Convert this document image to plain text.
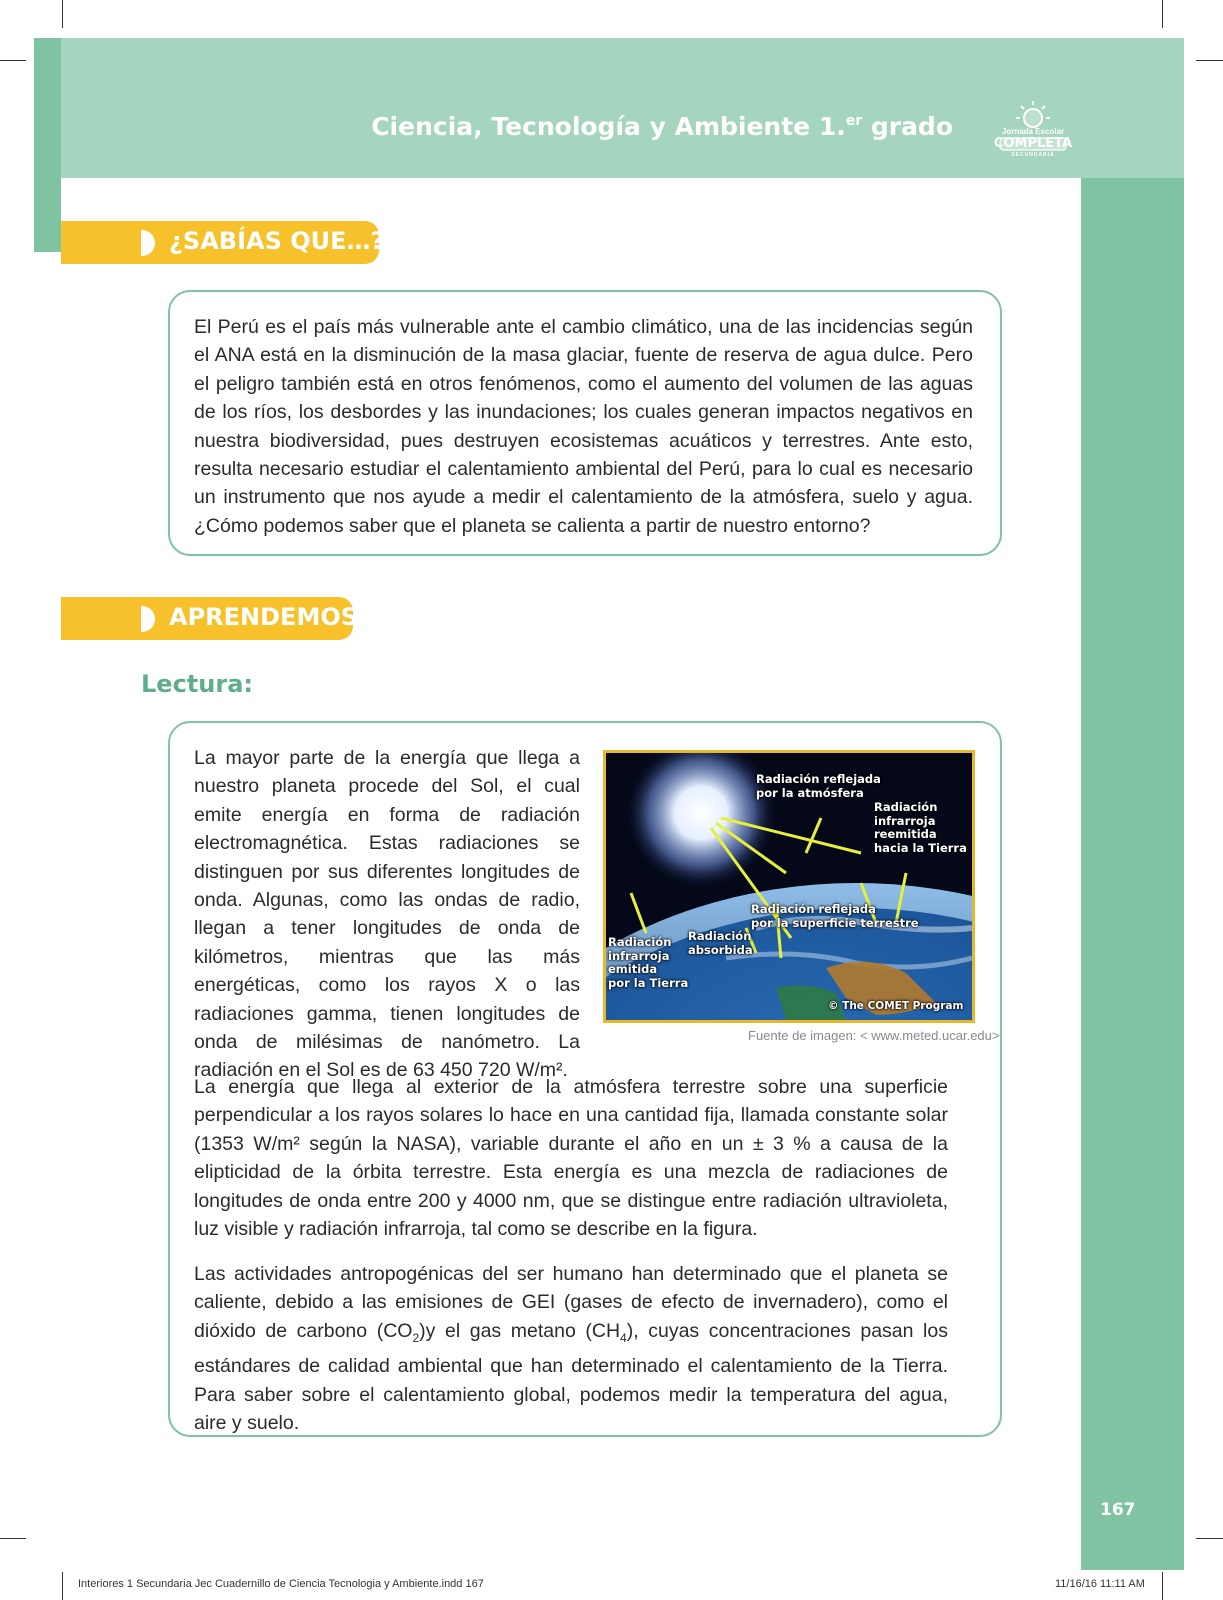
Ciencia, Tecnología y Ambiente 1.$^{er}$ grado	Jornada Escolar
COMPLETA
SECUNDARIA
¿SABÍAS QUE…?
El Perú es el país más vulnerable ante el cambio climático, una de las incidencias según el ANA está en la disminución de la masa glaciar, fuente de reserva de agua dulce. Pero el peligro también está en otros fenómenos, como el aumento del volumen de las aguas de los ríos, los desbordes y las inundaciones; los cuales generan impactos negativos en nuestra biodiversidad, pues destruyen ecosistemas acuáticos y terrestres. Ante esto, resulta necesario estudiar el calentamiento ambiental del Perú, para lo cual es necesario un instrumento que nos ayude a medir el calentamiento de la atmósfera, suelo y agua. ¿Cómo podemos saber que el planeta se calienta a partir de nuestro entorno?
APRENDEMOS
Lectura:
La mayor parte de la energía que llega a nuestro planeta procede del Sol, el cual emite energía en forma de radiación electromagnética. Estas radiaciones se distinguen por sus diferentes longitudes de onda. Algunas, como las ondas de radio, llegan a tener longitudes de onda de kilómetros, mientras que las más energéticas, como los rayos X o las radiaciones gamma, tienen longitudes de onda de milésimas de nanómetro. La radiación en el Sol es de 63 450 720 W/m².
Radiación reflejada
por la atmósfera
Radiación
infrarroja
reemitida
hacia la Tierra
Radiación reflejada
por la superficie terrestre
Radiación
infrarroja
emitida
por la Tierra
Radiación
absorbida
© The COMET Program
Fuente de imagen: < www.meted.ucar.edu>
La energía que llega al exterior de la atmósfera terrestre sobre una superficie perpendicular a los rayos solares lo hace en una cantidad fija, llamada constante solar (1353 W/m² según la NASA), variable durante el año en un ± 3 % a causa de la elipticidad de la órbita terrestre. Esta energía es una mezcla de radiaciones de longitudes de onda entre 200 y 4000 nm, que se distingue entre radiación ultravioleta, luz visible y radiación infrarroja, tal como se describe en la figura.
Las actividades antropogénicas del ser humano han determinado que el planeta se caliente, debido a las emisiones de GEI (gases de efecto de invernadero), como el dióxido de carbono $(CO_2)y$ el gas metano $(CH_4)$, cuyas concentraciones pasan los estándares de calidad ambiental que han determinado el calentamiento de la Tierra. Para saber sobre el calentamiento global, podemos medir la temperatura del agua, aire y suelo.
167
Interiores 1 Secundaria Jec Cuadernillo de Ciencia Tecnologia y Ambiente.indd 167	11/16/16 11:11 AM
